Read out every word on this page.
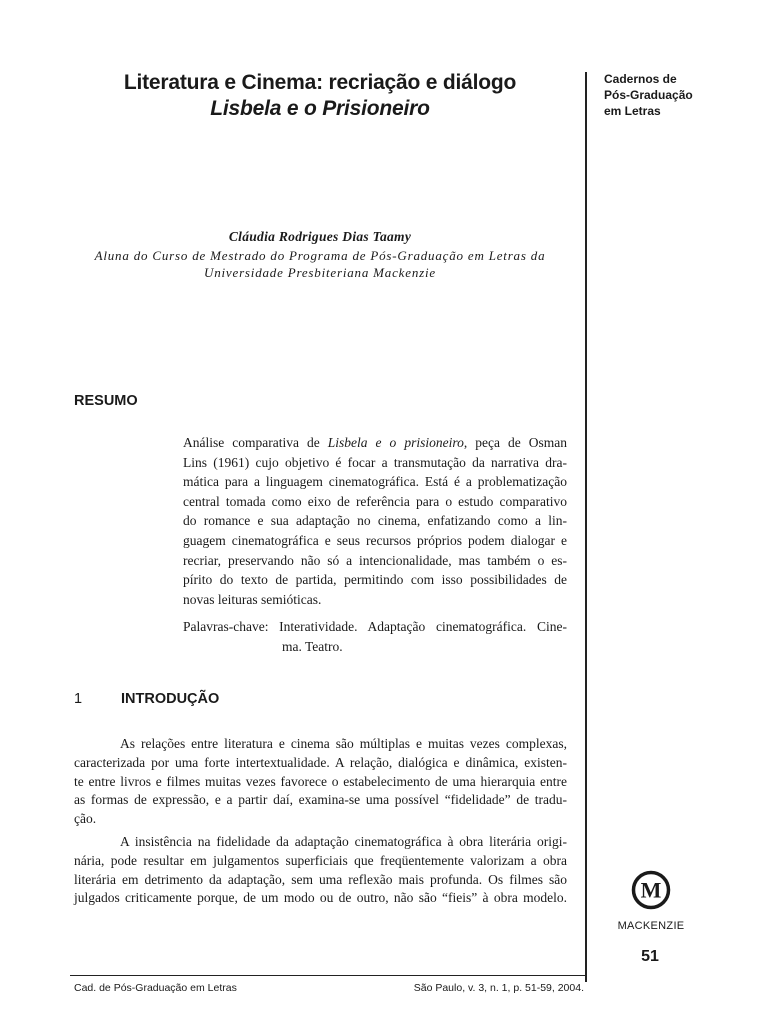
Literatura e Cinema: recriação e diálogo
Lisbela e o Prisioneiro
Cláudia Rodrigues Dias Taamy
Aluna do Curso de Mestrado do Programa de Pós-Graduação em Letras da
Universidade Presbiteriana Mackenzie
Cadernos de
Pós-Graduação
em Letras
RESUMO
Análise comparativa de Lisbela e o prisioneiro, peça de Osman
Lins (1961) cujo objetivo é focar a transmutação da narrativa dra-
mática para a linguagem cinematográfica. Está é a problematização
central tomada como eixo de referência para o estudo comparativo
do romance e sua adaptação no cinema, enfatizando como a lin-
guagem cinematográfica e seus recursos próprios podem dialogar e
recriar, preservando não só a intencionalidade, mas também o es-
pírito do texto de partida, permitindo com isso possibilidades de
novas leituras semióticas.
Palavras-chave: Interatividade. Adaptação cinematográfica. Cine-
ma. Teatro.
1	INTRODUÇÃO
As relações entre literatura e cinema são múltiplas e muitas vezes complexas,
caracterizada por uma forte intertextualidade. A relação, dialógica e dinâmica, existen-
te entre livros e filmes muitas vezes favorece o estabelecimento de uma hierarquia entre
as formas de expressão, e a partir daí, examina-se uma possível “fidelidade” de tradu-
ção.
A insistência na fidelidade da adaptação cinematográfica à obra literária origi-
nária, pode resultar em julgamentos superficiais que freqüentemente valorizam a obra
literária em detrimento da adaptação, sem uma reflexão mais profunda. Os filmes são
julgados criticamente porque, de um modo ou de outro, não são “fieis” à obra modelo.	M
MACKENZIE
51
Cad. de Pós-Graduação em Letras	São Paulo, v. 3, n. 1, p. 51-59, 2004.
